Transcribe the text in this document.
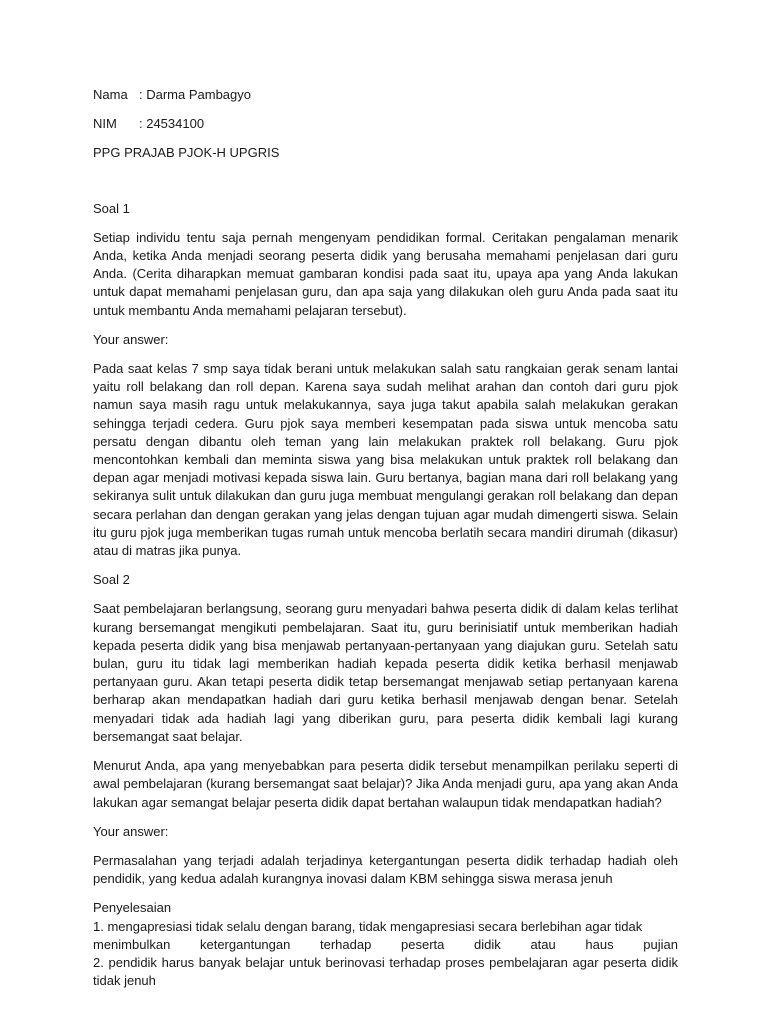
Nama : Darma Pambagyo
NIM	: 24534100
PPG PRAJAB PJOK-H UPGRIS

Soal 1

Setiap individu tentu saja pernah mengenyam pendidikan formal. Ceritakan pengalaman menarik Anda, ketika Anda menjadi seorang peserta didik yang berusaha memahami penjelasan dari guru Anda. (Cerita diharapkan memuat gambaran kondisi pada saat itu, upaya apa yang Anda lakukan untuk dapat memahami penjelasan guru, dan apa saja yang dilakukan oleh guru Anda pada saat itu untuk membantu Anda memahami pelajaran tersebut).

Your answer:

Pada saat kelas 7 smp saya tidak berani untuk melakukan salah satu rangkaian gerak senam lantai yaitu roll belakang dan roll depan. Karena saya sudah melihat arahan dan contoh dari guru pjok namun saya masih ragu untuk melakukannya, saya juga takut apabila salah melakukan gerakan sehingga terjadi cedera. Guru pjok saya memberi kesempatan pada siswa untuk mencoba satu persatu dengan dibantu oleh teman yang lain melakukan praktek roll belakang. Guru pjok mencontohkan kembali dan meminta siswa yang bisa melakukan untuk praktek roll belakang dan depan agar menjadi motivasi kepada siswa lain. Guru bertanya, bagian mana dari roll belakang yang sekiranya sulit untuk dilakukan dan guru juga membuat mengulangi gerakan roll belakang dan depan secara perlahan dan dengan gerakan yang jelas dengan tujuan agar mudah dimengerti siswa. Selain itu guru pjok juga memberikan tugas rumah untuk mencoba berlatih secara mandiri dirumah (dikasur) atau di matras jika punya.

Soal 2

Saat pembelajaran berlangsung, seorang guru menyadari bahwa peserta didik di dalam kelas terlihat kurang bersemangat mengikuti pembelajaran. Saat itu, guru berinisiatif untuk memberikan hadiah kepada peserta didik yang bisa menjawab pertanyaan-pertanyaan yang diajukan guru. Setelah satu bulan, guru itu tidak lagi memberikan hadiah kepada peserta didik ketika berhasil menjawab pertanyaan guru. Akan tetapi peserta didik tetap bersemangat menjawab setiap pertanyaan karena berharap akan mendapatkan hadiah dari guru ketika berhasil menjawab dengan benar. Setelah menyadari tidak ada hadiah lagi yang diberikan guru, para peserta didik kembali lagi kurang bersemangat saat belajar.

Menurut Anda, apa yang menyebabkan para peserta didik tersebut menampilkan perilaku seperti di awal pembelajaran (kurang bersemangat saat belajar)? Jika Anda menjadi guru, apa yang akan Anda lakukan agar semangat belajar peserta didik dapat bertahan walaupun tidak mendapatkan hadiah?

Your answer:

Permasalahan yang terjadi adalah terjadinya ketergantungan peserta didik terhadap hadiah oleh pendidik, yang kedua adalah kurangnya inovasi dalam KBM sehingga siswa merasa jenuh

Penyelesaian
1. mengapresiasi tidak selalu dengan barang, tidak mengapresiasi secara berlebihan agar tidak
menimbulkan ketergantungan terhadap peserta didik atau haus pujian
2. pendidik harus banyak belajar untuk berinovasi terhadap proses pembelajaran agar peserta didik tidak jenuh
